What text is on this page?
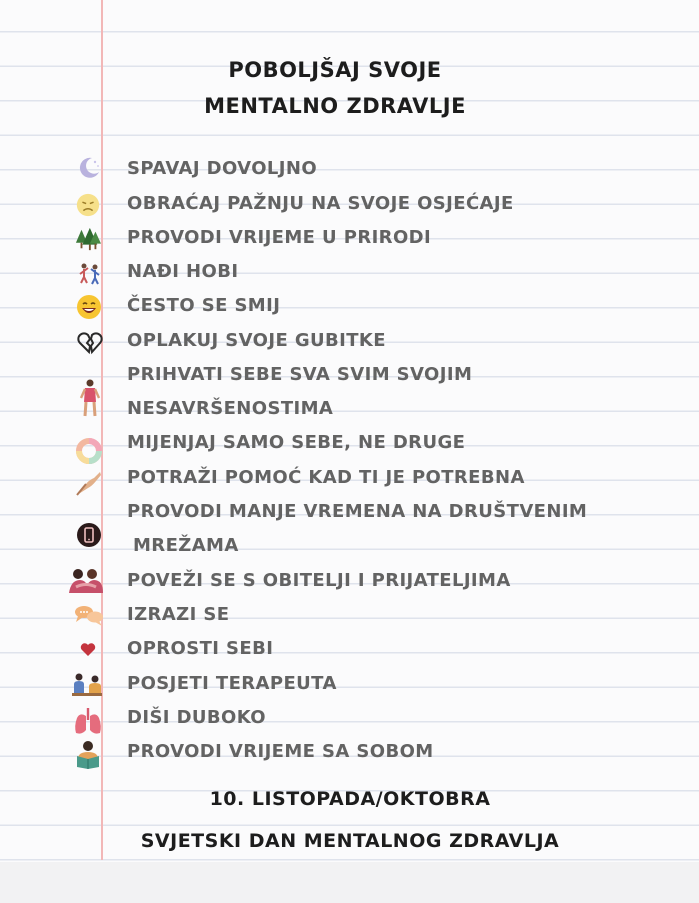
POBOLJŠAJ SVOJE
MENTALNO ZDRAVLJE
SPAVAJ DOVOLJNO
OBRAĆAJ PAŽNJU NA SVOJE OSJEĆAJE
PROVODI VRIJEME U PRIRODI
NAĐI HOBI
ČESTO SE SMIJ
OPLAKUJ SVOJE GUBITKE
PRIHVATI SEBE SVA SVIM SVOJIM
NESAVRŠENOSTIMA
MIJENJAJ SAMO SEBE, NE DRUGE
POTRAŽI POMOĆ KAD TI JE POTREBNA
PROVODI MANJE VREMENA NA DRUŠTVENIM
MREŽAMA
POVEŽI SE S OBITELJI I PRIJATELJIMA
IZRAZI SE
OPROSTI SEBI
POSJETI TERAPEUTA
DIŠI DUBOKO
PROVODI VRIJEME SA SOBOM
10. LISTOPADA/OKTOBRA
SVJETSKI DAN MENTALNOG ZDRAVLJA
